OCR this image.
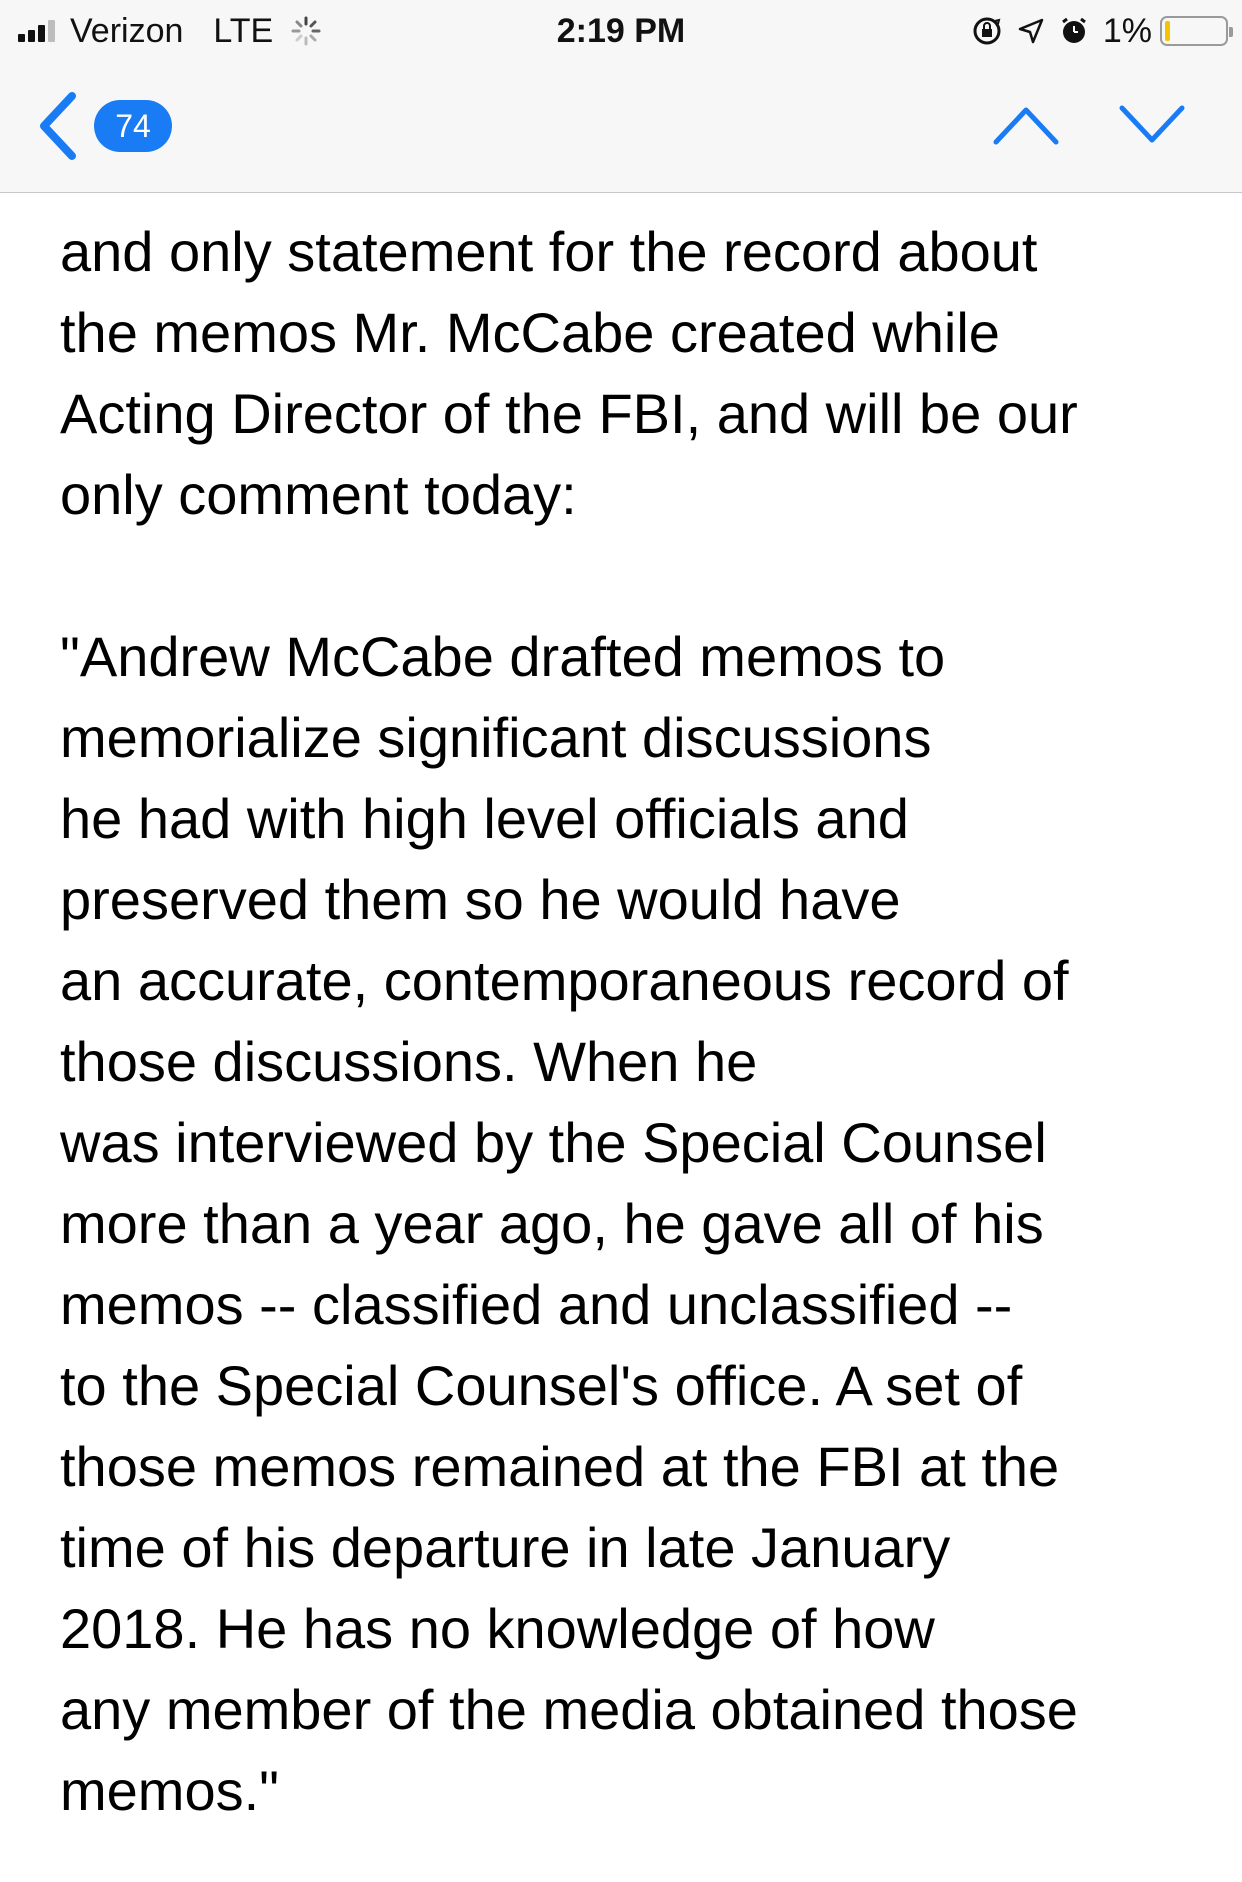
Verizon LTE	2:19 PM	1%
74
and only statement for the record about
the memos Mr. McCabe created while
Acting Director of the FBI, and will be our
only comment today:
"Andrew McCabe drafted memos to
memorialize significant discussions
he had with high level officials and
preserved them so he would have
an accurate, contemporaneous record of
those discussions. When he
was interviewed by the Special Counsel
more than a year ago, he gave all of his
memos -- classified and unclassified --
to the Special Counsel's office. A set of
those memos remained at the FBI at the
time of his departure in late January
2018. He has no knowledge of how
any member of the media obtained those
memos."
